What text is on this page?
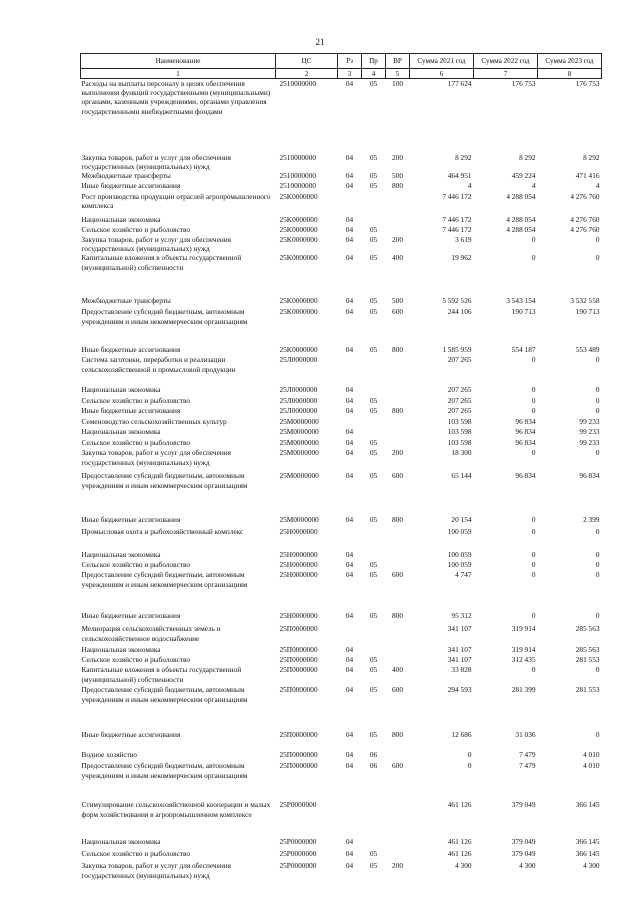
21
Наименование	ЦС	Рз	Пр	ВР	Сумма 2021 год	Сумма 2022 год	Сумма 2023 год
1	2	3	4	5	6	7	8
Расходы на выплаты персоналу в целях обеспечения выполнения функций государственными (муниципальными) органами, казенными учреждениями, органами управления государственными внебюджетными фондами	2510000000	04	05	100	177 624	176 753	176 753
Закупка товаров, работ и услуг для обеспечения государственных (муниципальных) нужд	2510000000	04	05	200	8 292	8 292	8 292
Межбюджетные трансферты	2510000000	04	05	500	464 951	459 224	471 416
Иные бюджетные ассигнования	2510000000	04	05	800	4	4	4
Рост производства продукции отраслей агропромышленного комплекса	25K0000000				7 446 172	4 288 054	4 276 760
Национальная экономика	25K0000000	04			7 446 172	4 288 054	4 276 760
Сельское хозяйство и рыболовство	25K0000000	04	05		7 446 172	4 288 054	4 276 760
Закупка товаров, работ и услуг для обеспечения государственных (муниципальных) нужд	25K0000000	04	05	200	3 619	0	0
Капитальные вложения в объекты государственной (муниципальной) собственности	25K0000000	04	05	400	19 962	0	0
Межбюджетные трансферты	25K0000000	04	05	500	5 592 526	3 543 154	3 532 558
Предоставление субсидий бюджетным, автономным учреждениям и иным некоммерческим организациям	25K0000000	04	05	600	244 106	190 713	190 713
Иные бюджетные ассигнования	25K0000000	04	05	800	1 585 959	554 187	553 489
Система заготовки, переработки и реализации сельскохозяйственной и промысловой продукции	25Л0000000				207 265	0	0
Национальная экономика	25Л0000000	04			207 265	0	0
Сельское хозяйство и рыболовство	25Л0000000	04	05		207 265	0	0
Иные бюджетные ассигнования	25Л0000000	04	05	800	207 265	0	0
Семеноводство сельскохозяйственных культур	25M0000000				103 598	96 834	99 233
Национальная экономика	25M0000000	04			103 598	96 834	99 233
Сельское хозяйство и рыболовство	25M0000000	04	05		103 598	96 834	99 233
Закупка товаров, работ и услуг для обеспечения государственных (муниципальных) нужд	25M0000000	04	05	200	18 300	0	0
Предоставление субсидий бюджетным, автономным учреждениям и иным некоммерческим организациям	25M0000000	04	05	600	65 144	96 834	96 834
Иные бюджетные ассигнования	25M0000000	04	05	800	20 154	0	2 399
Промысловая охота и рыбохозяйственный комплекс	25H0000000				100 059	0	0
Национальная экономика	25H0000000	04			100 059	0	0
Сельское хозяйство и рыболовство	25H0000000	04	05		100 059	0	0
Предоставление субсидий бюджетным, автономным учреждениям и иным некоммерческим организациям	25H0000000	04	05	600	4 747	0	0
Иные бюджетные ассигнования	25H0000000	04	05	800	95 312	0	0
Мелиорация сельскохозяйственных земель и сельскохозяйственное водоснабжение	25П0000000				341 107	319 914	285 563
Национальная экономика	25П0000000	04			341 107	319 914	285 563
Сельское хозяйство и рыболовство	25П0000000	04	05		341 107	312 435	281 553
Капитальные вложения в объекты государственной (муниципальной) собственности	25П0000000	04	05	400	33 828	0	0
Предоставление субсидий бюджетным, автономным учреждениям и иным некоммерческим организациям	25П0000000	04	05	600	294 593	281 399	281 553
Иные бюджетные ассигнования	25П0000000	04	05	800	12 686	31 036	0
Водное хозяйство	25П0000000	04	06		0	7 479	4 010
Предоставление субсидий бюджетным, автономным учреждениям и иным некоммерческим организациям	25П0000000	04	06	600	0	7 479	4 010
Стимулирование сельскохозяйственной кооперации и малых форм хозяйствования в агропромышленном комплексе	25P0000000				461 126	379 049	366 145
Национальная экономика	25P0000000	04			461 126	379 049	366 145
Сельское хозяйство и рыболовство	25P0000000	04	05		461 126	379 049	366 145
Закупка товаров, работ и услуг для обеспечения государственных (муниципальных) нужд	25P0000000	04	05	200	4 300	4 300	4 300
